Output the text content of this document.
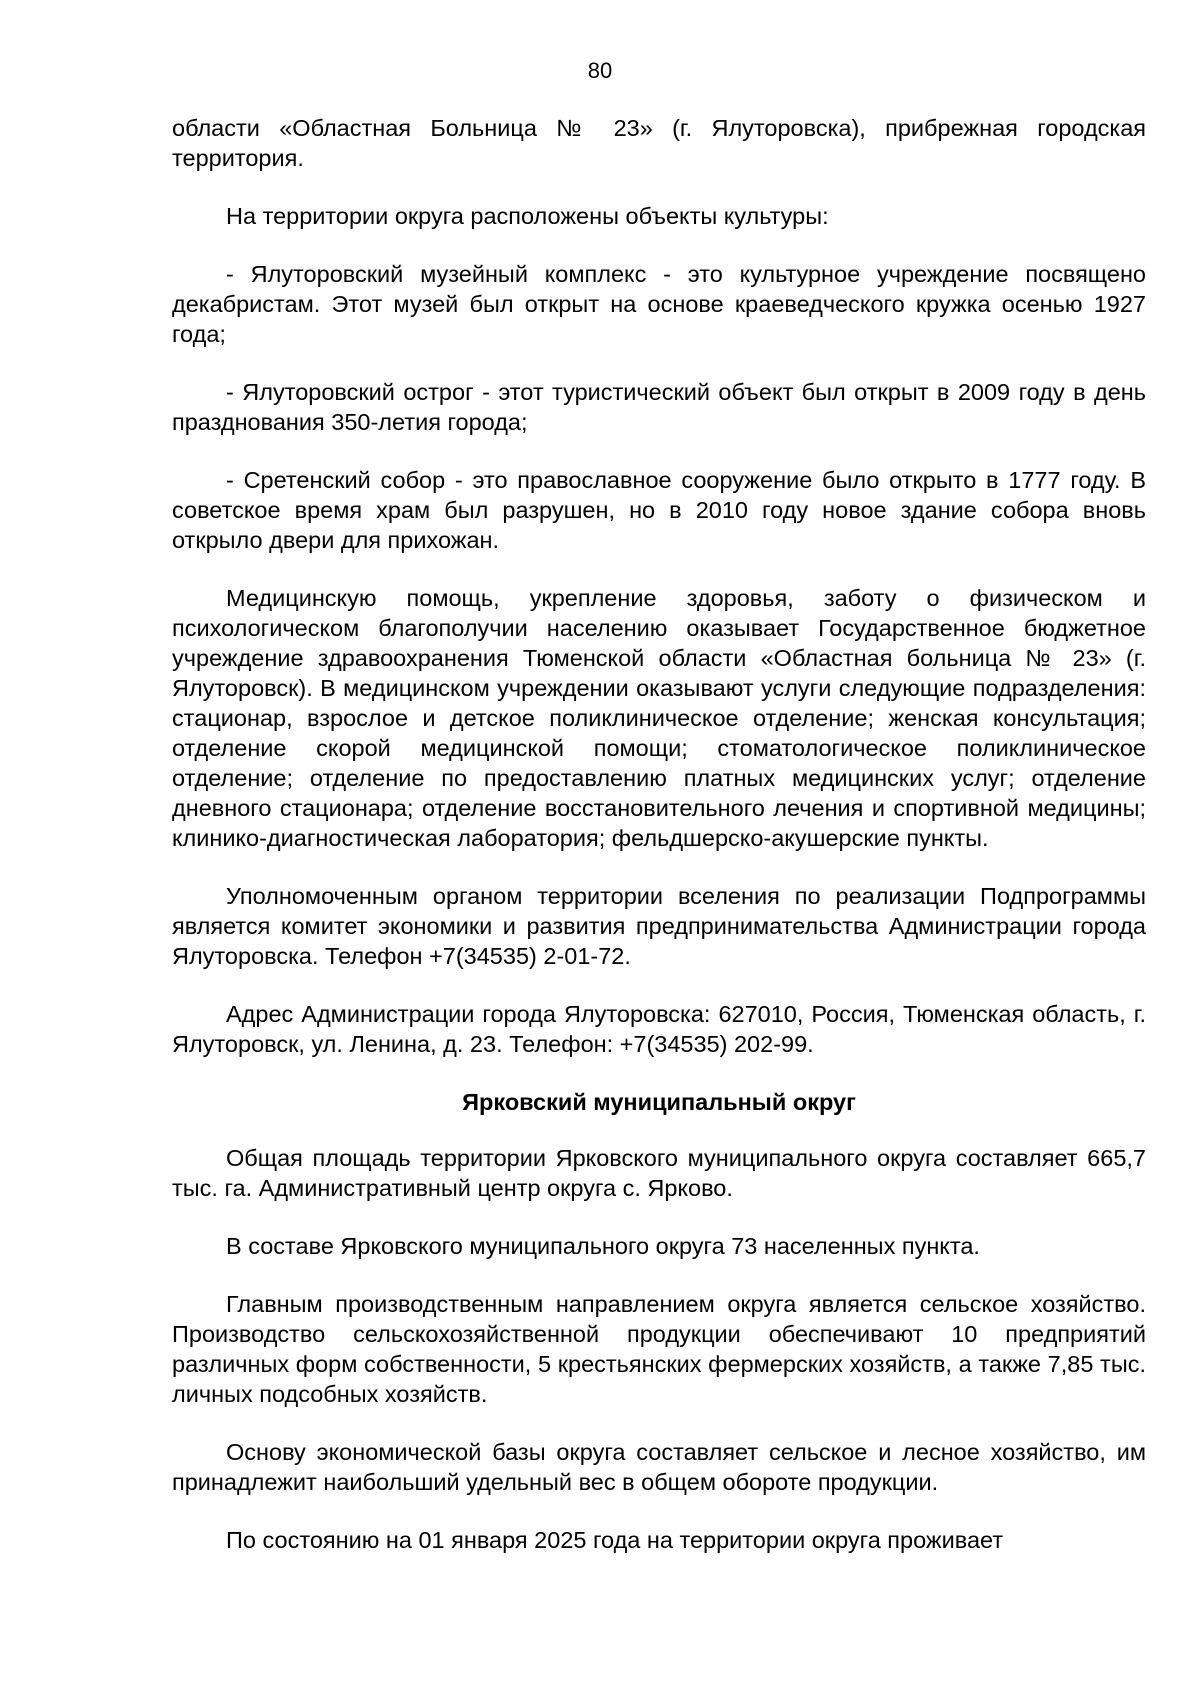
80

области «Областная Больница № 23» (г. Ялуторовска), прибрежная городская территория.

На территории округа расположены объекты культуры:

- Ялуторовский музейный комплекс - это культурное учреждение посвящено декабристам. Этот музей был открыт на основе краеведческого кружка осенью 1927 года;

- Ялуторовский острог - этот туристический объект был открыт в 2009 году в день празднования 350-летия города;

- Сретенский собор - это православное сооружение было открыто в 1777 году. В советское время храм был разрушен, но в 2010 году новое здание собора вновь открыло двери для прихожан.

Медицинскую помощь, укрепление здоровья, заботу о физическом и психологическом благополучии населению оказывает Государственное бюджетное учреждение здравоохранения Тюменской области «Областная больница № 23» (г. Ялуторовск). В медицинском учреждении оказывают услуги следующие подразделения: стационар, взрослое и детское поликлиническое отделение; женская консультация; отделение скорой медицинской помощи; стоматологическое поликлиническое отделение; отделение по предоставлению платных медицинских услуг; отделение дневного стационара; отделение восстановительного лечения и спортивной медицины; клинико-диагностическая лаборатория; фельдшерско-акушерские пункты.

Уполномоченным органом территории вселения по реализации Подпрограммы является комитет экономики и развития предпринимательства Администрации города Ялуторовска. Телефон +7(34535) 2-01-72.

Адрес Администрации города Ялуторовска: 627010, Россия, Тюменская область, г. Ялуторовск, ул. Ленина, д. 23. Телефон: +7(34535) 202-99.

Ярковский муниципальный округ

Общая площадь территории Ярковского муниципального округа составляет 665,7 тыс. га. Административный центр округа с. Ярково.

В составе Ярковского муниципального округа 73 населенных пункта.

Главным производственным направлением округа является сельское хозяйство. Производство сельскохозяйственной продукции обеспечивают 10 предприятий различных форм собственности, 5 крестьянских фермерских хозяйств, а также 7,85 тыс. личных подсобных хозяйств.

Основу экономической базы округа составляет сельское и лесное хозяйство, им принадлежит наибольший удельный вес в общем обороте продукции.

По состоянию на 01 января 2025 года на территории округа проживает
